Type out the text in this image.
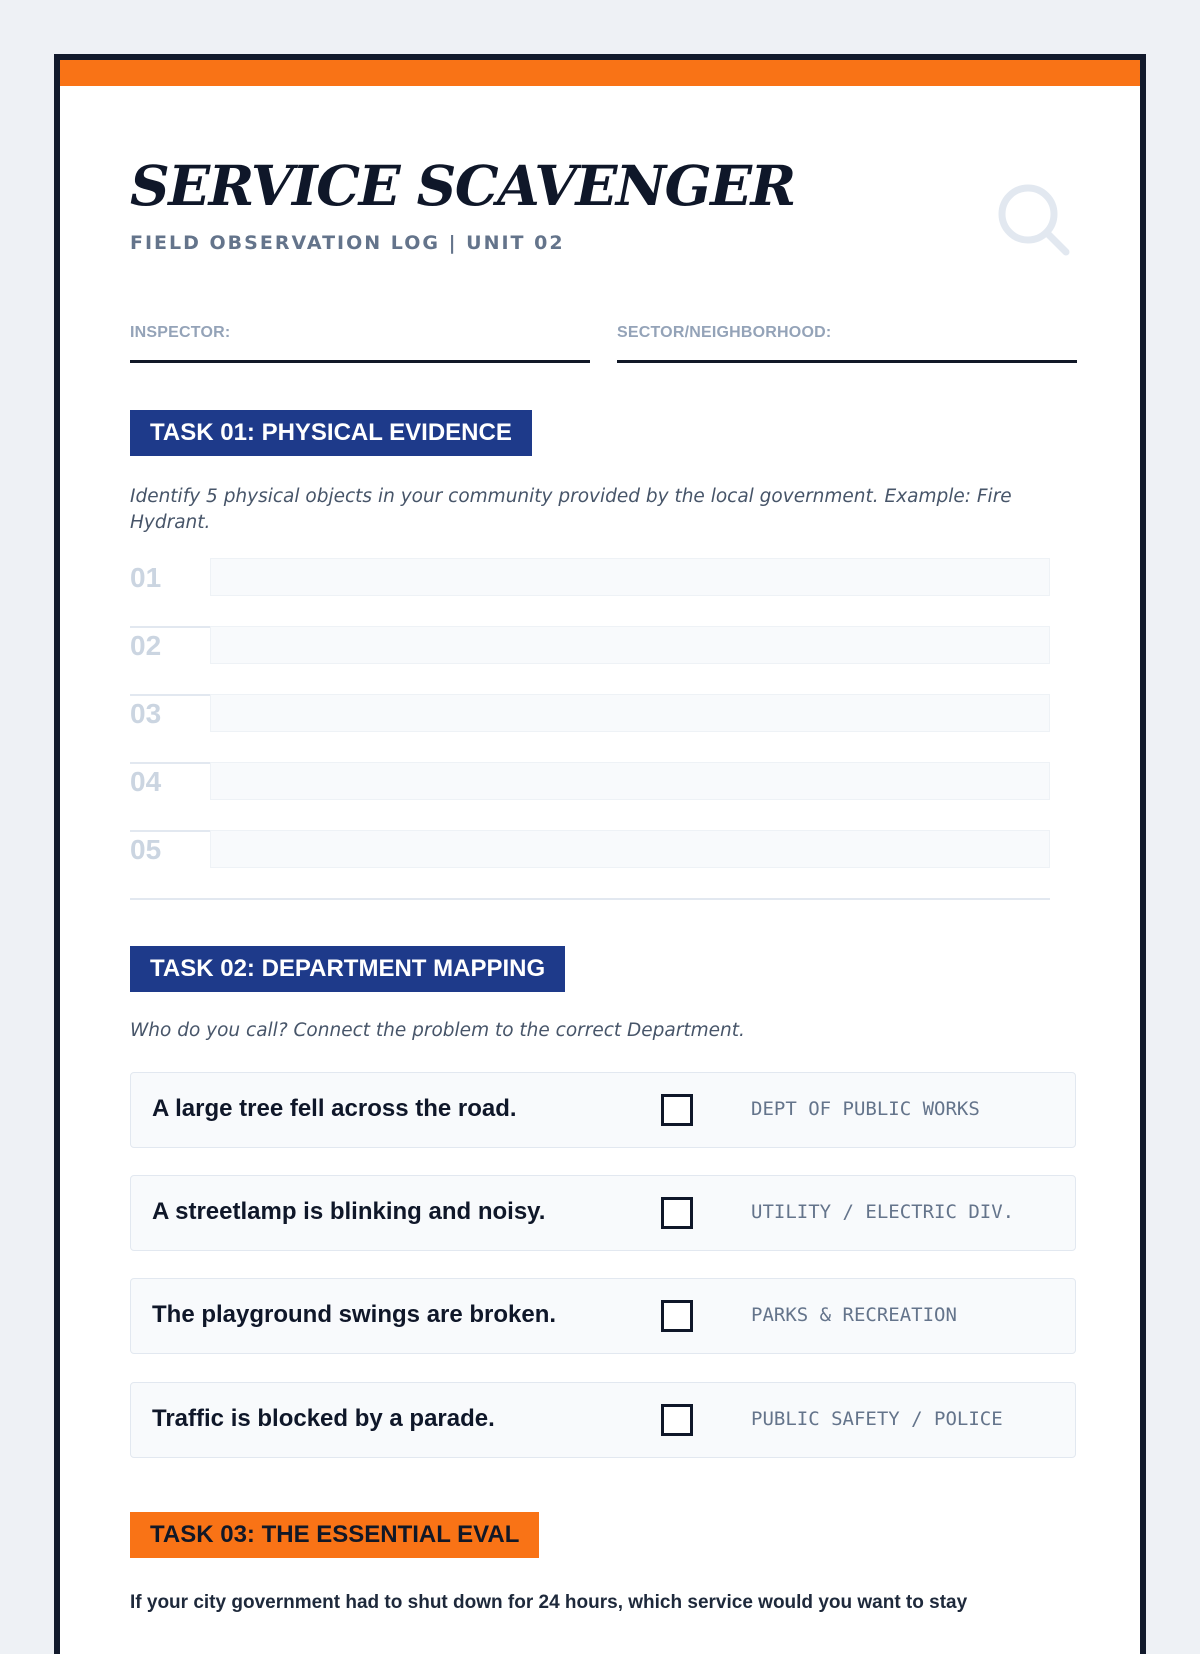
SERVICE SCAVENGER
FIELD OBSERVATION LOG | UNIT 02
INSPECTOR:	SECTOR/NEIGHBORHOOD:
TASK 01: PHYSICAL EVIDENCE
Identify 5 physical objects in your community provided by the local government. Example: Fire Hydrant.
01
02
03
04
05
TASK 02: DEPARTMENT MAPPING
Who do you call? Connect the problem to the correct Department.
A large tree fell across the road.	DEPT OF PUBLIC WORKS
A streetlamp is blinking and noisy.	UTILITY / ELECTRIC DIV.
The playground swings are broken.	PARKS & RECREATION
Traffic is blocked by a parade.	PUBLIC SAFETY / POLICE
TASK 03: THE ESSENTIAL EVAL
If your city government had to shut down for 24 hours, which service would you want to stay
